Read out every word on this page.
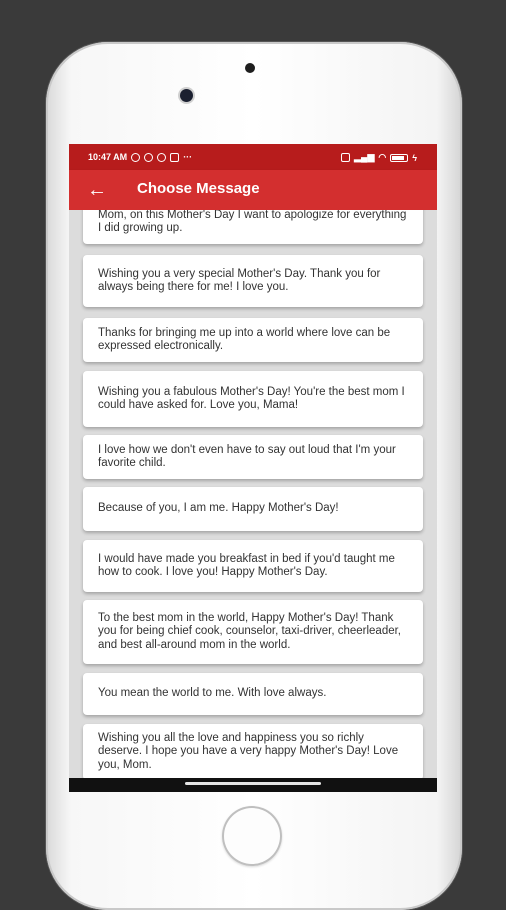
10:47 AM	···	▂▄▆ ◠	ϟ
← Choose Message
Mom, on this Mother's Day I want to apologize for everything I did growing up.
Wishing you a very special Mother's Day. Thank you for always being there for me! I love you.
Thanks for bringing me up into a world where love can be expressed electronically.
Wishing you a fabulous Mother's Day! You're the best mom I could have asked for. Love you, Mama!
I love how we don't even have to say out loud that I'm your favorite child.
Because of you, I am me. Happy Mother's Day!
I would have made you breakfast in bed if you'd taught me how to cook. I love you! Happy Mother's Day.
To the best mom in the world, Happy Mother's Day! Thank you for being chief cook, counselor, taxi-driver, cheerleader, and best all-around mom in the world.
You mean the world to me. With love always.
Wishing you all the love and happiness you so richly deserve. I hope you have a very happy Mother's Day! Love you, Mom.
